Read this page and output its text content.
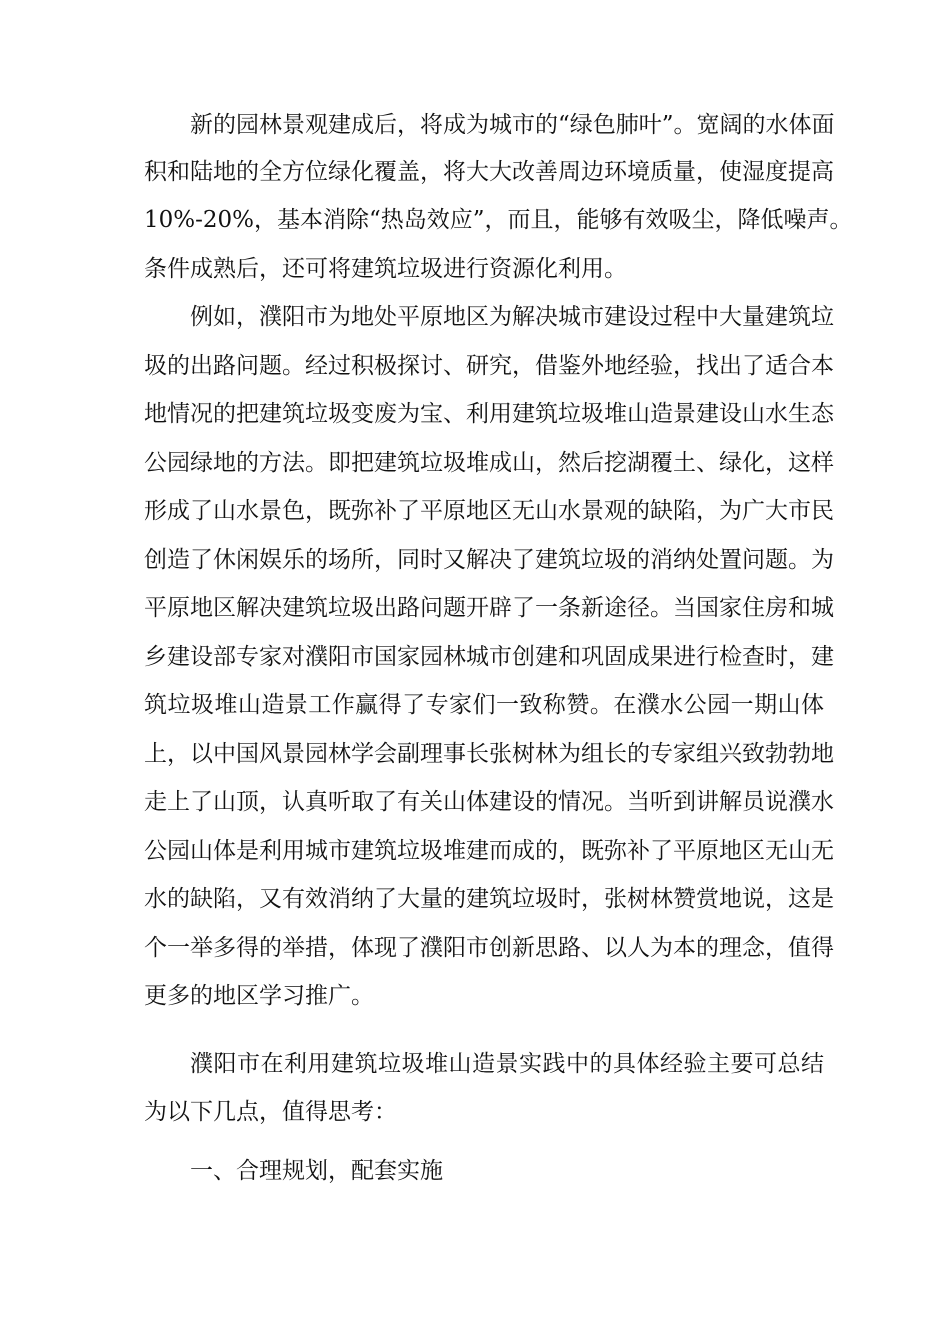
新的园林景观建成后，将成为城市的“绿色肺叶”。宽阔的水体面
积和陆地的全方位绿化覆盖，将大大改善周边环境质量，使湿度提高
10%-20%，基本消除“热岛效应”，而且，能够有效吸尘，降低噪声。
条件成熟后，还可将建筑垃圾进行资源化利用。
例如，濮阳市为地处平原地区为解决城市建设过程中大量建筑垃
圾的出路问题。经过积极探讨、研究，借鉴外地经验，找出了适合本
地情况的把建筑垃圾变废为宝、利用建筑垃圾堆山造景建设山水生态
公园绿地的方法。即把建筑垃圾堆成山，然后挖湖覆土、绿化，这样
形成了山水景色，既弥补了平原地区无山水景观的缺陷，为广大市民
创造了休闲娱乐的场所，同时又解决了建筑垃圾的消纳处置问题。为
平原地区解决建筑垃圾出路问题开辟了一条新途径。当国家住房和城
乡建设部专家对濮阳市国家园林城市创建和巩固成果进行检查时，建
筑垃圾堆山造景工作赢得了专家们一致称赞。在濮水公园一期山体
上，以中国风景园林学会副理事长张树林为组长的专家组兴致勃勃地
走上了山顶，认真听取了有关山体建设的情况。当听到讲解员说濮水
公园山体是利用城市建筑垃圾堆建而成的，既弥补了平原地区无山无
水的缺陷，又有效消纳了大量的建筑垃圾时，张树林赞赏地说，这是
个一举多得的举措，体现了濮阳市创新思路、以人为本的理念，值得
更多的地区学习推广。
濮阳市在利用建筑垃圾堆山造景实践中的具体经验主要可总结
为以下几点，值得思考：
一、合理规划，配套实施
